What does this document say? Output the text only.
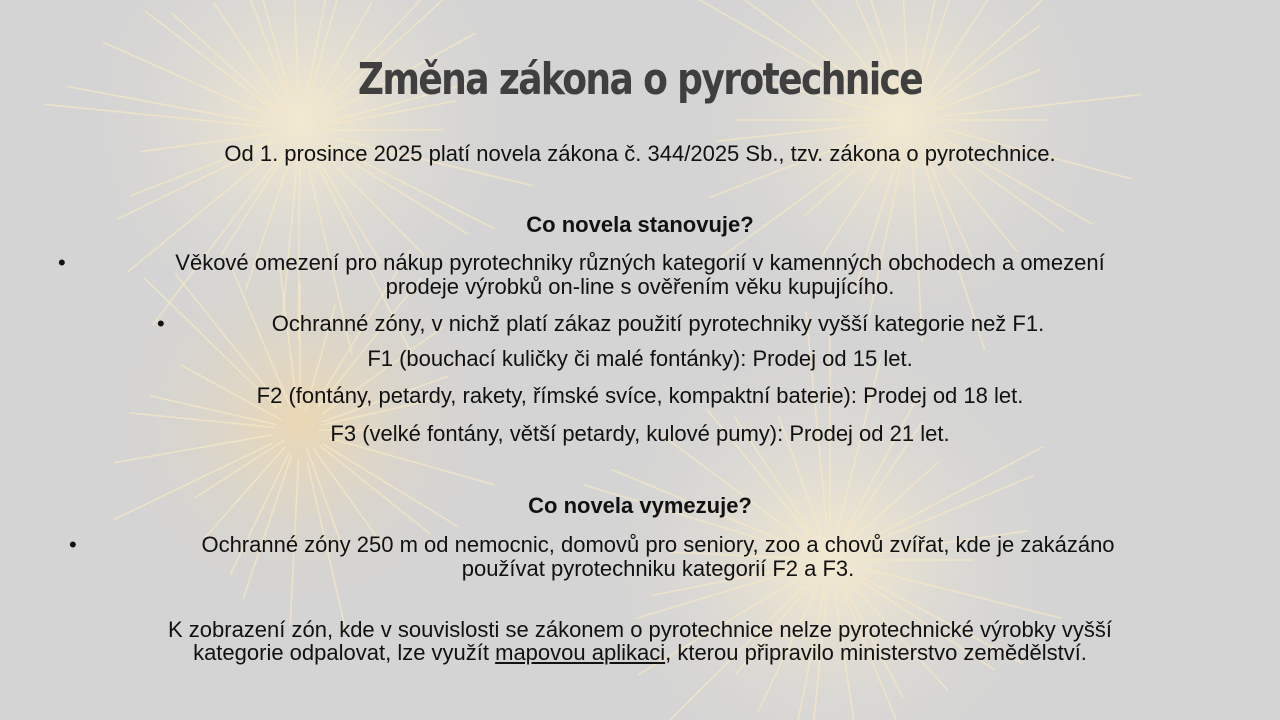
Změna zákona o pyrotechnice
Od 1. prosince 2025 platí novela zákona č. 344/2025 Sb., tzv. zákona o pyrotechnice.
Co novela stanovuje?
•	Věkové omezení pro nákup pyrotechniky různých kategorií v kamenných obchodech a omezení
prodeje výrobků on-line s ověřením věku kupujícího.
•	Ochranné zóny, v nichž platí zákaz použití pyrotechniky vyšší kategorie než F1.
F1 (bouchací kuličky či malé fontánky): Prodej od 15 let.
F2 (fontány, petardy, rakety, římské svíce, kompaktní baterie): Prodej od 18 let.
F3 (velké fontány, větší petardy, kulové pumy): Prodej od 21 let.
Co novela vymezuje?
•	Ochranné zóny 250 m od nemocnic, domovů pro seniory, zoo a chovů zvířat, kde je zakázáno
používat pyrotechniku kategorií F2 a F3.
K zobrazení zón, kde v souvislosti se zákonem o pyrotechnice nelze pyrotechnické výrobky vyšší
kategorie odpalovat, lze využít mapovou aplikaci, kterou připravilo ministerstvo zemědělství.
